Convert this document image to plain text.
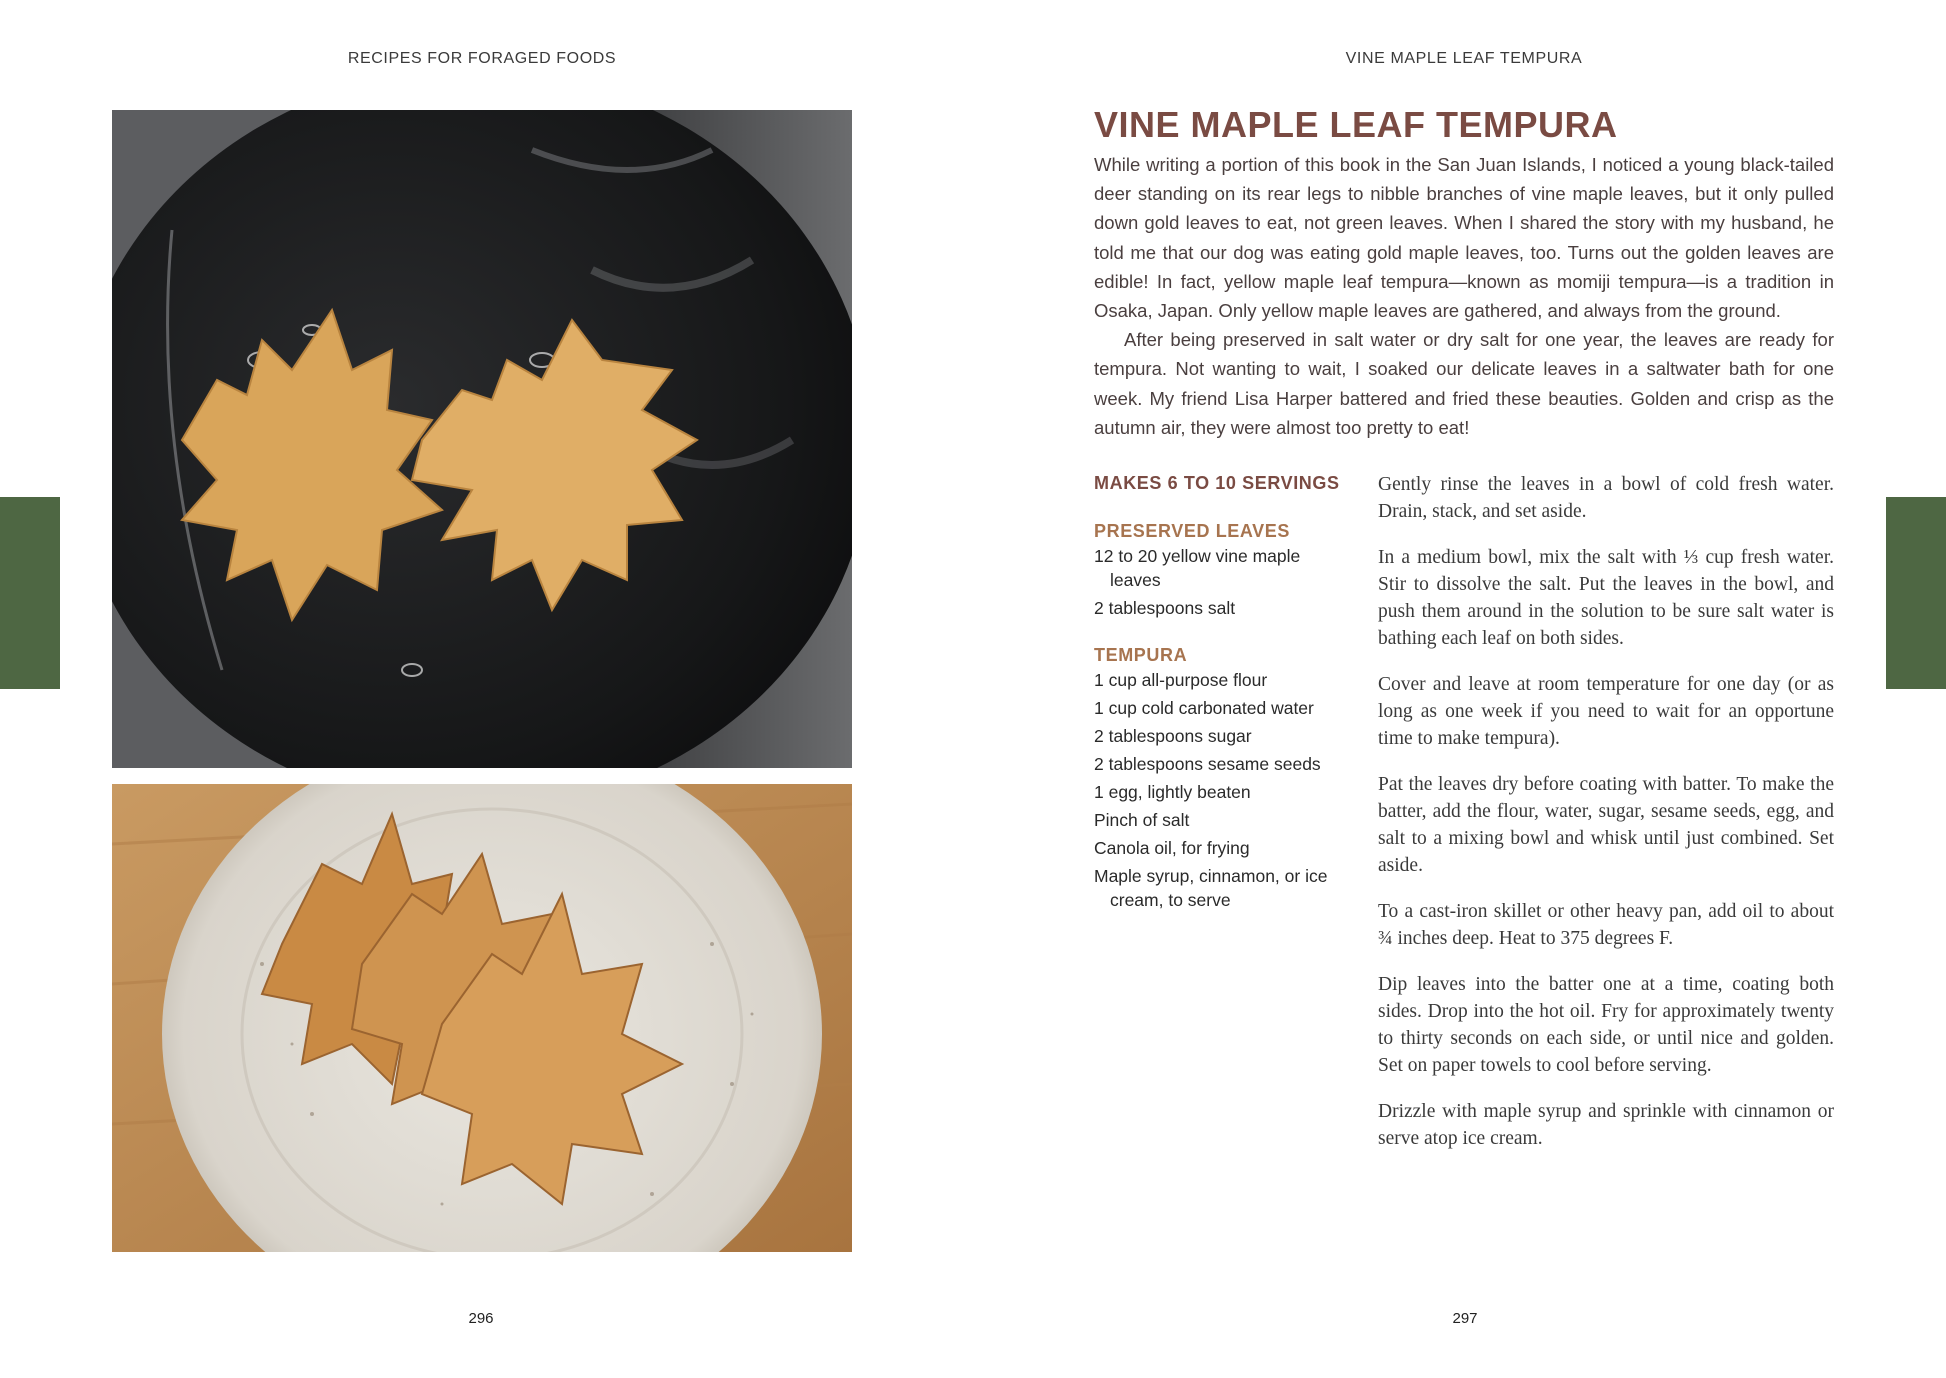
RECIPES FOR FORAGED FOODS
296
VINE MAPLE LEAF TEMPURA
VINE MAPLE LEAF TEMPURA

While writing a portion of this book in the San Juan Islands, I noticed a young black-tailed deer standing on its rear legs to nibble branches of vine maple leaves, but it only pulled down gold leaves to eat, not green leaves. When I shared the story with my husband, he told me that our dog was eating gold maple leaves, too. Turns out the golden leaves are edible! In fact, yellow maple leaf tempura—known as momiji tempura—is a tradition in Osaka, Japan. Only yellow maple leaves are gathered, and always from the ground.

After being preserved in salt water or dry salt for one year, the leaves are ready for tempura. Not wanting to wait, I soaked our delicate leaves in a saltwater bath for one week. My friend Lisa Harper battered and fried these beauties. Golden and crisp as the autumn air, they were almost too pretty to eat!

MAKES 6 TO 10 SERVINGS
PRESERVED LEAVES
12 to 20 yellow vine maple leaves
2 tablespoons salt
TEMPURA
1 cup all-purpose flour
1 cup cold carbonated water
2 tablespoons sugar
2 tablespoons sesame seeds
1 egg, lightly beaten
Pinch of salt
Canola oil, for frying
Maple syrup, cinnamon, or ice cream, to serve

Gently rinse the leaves in a bowl of cold fresh water. Drain, stack, and set aside.

In a medium bowl, mix the salt with ⅓ cup fresh water. Stir to dissolve the salt. Put the leaves in the bowl, and push them around in the solution to be sure salt water is bathing each leaf on both sides.

Cover and leave at room temperature for one day (or as long as one week if you need to wait for an opportune time to make tempura).

Pat the leaves dry before coating with batter. To make the batter, add the flour, water, sugar, sesame seeds, egg, and salt to a mixing bowl and whisk until just combined. Set aside.

To a cast-iron skillet or other heavy pan, add oil to about ¾ inches deep. Heat to 375 degrees F.

Dip leaves into the batter one at a time, coating both sides. Drop into the hot oil. Fry for approximately twenty to thirty seconds on each side, or until nice and golden. Set on paper towels to cool before serving.

Drizzle with maple syrup and sprinkle with cinnamon or serve atop ice cream.

297
